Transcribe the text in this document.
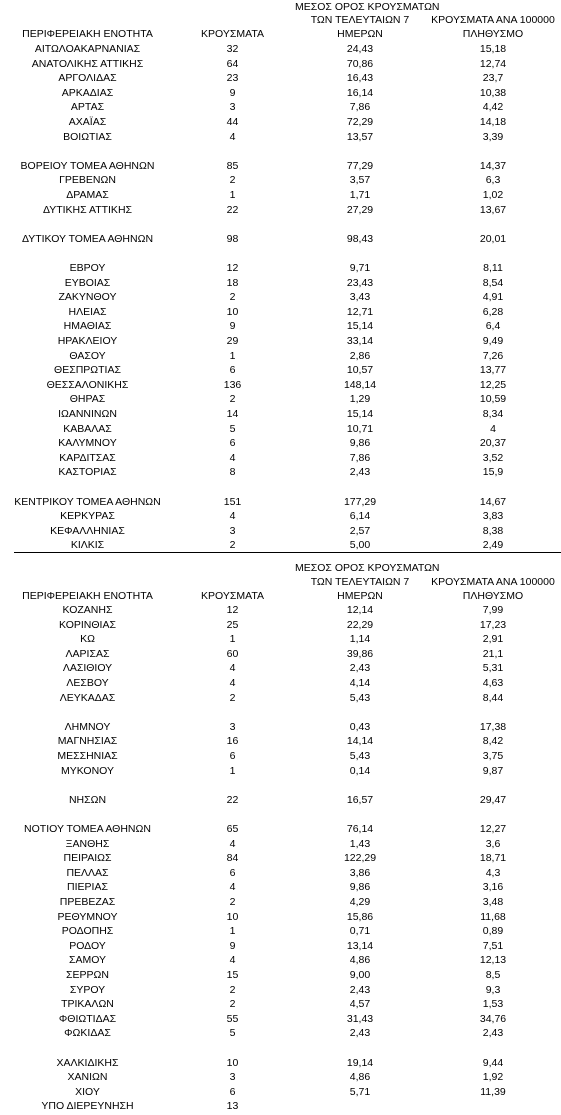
ΜΕΣΟΣ ΟΡΟΣ ΚΡΟΥΣΜΑΤΩΝ
ΤΩΝ ΤΕΛΕΥΤΑΙΩΝ 7	ΚΡΟΥΣΜΑΤΑ ΑΝΑ 100000
ΠΕΡΙΦΕΡΕΙΑΚΗ ΕΝΟΤΗΤΑ	ΚΡΟΥΣΜΑΤΑ	ΗΜΕΡΩΝ	ΠΛΗΘΥΣΜΟ
ΑΙΤΩΛΟΑΚΑΡΝΑΝΙΑΣ	32	24,43	15,18
ΑΝΑΤΟΛΙΚΗΣ ΑΤΤΙΚΗΣ	64	70,86	12,74
ΑΡΓΟΛΙΔΑΣ	23	16,43	23,7
ΑΡΚΑΔΙΑΣ	9	16,14	10,38
ΑΡΤΑΣ	3	7,86	4,42
ΑΧΑΪΑΣ	44	72,29	14,18
ΒΟΙΩΤΙΑΣ	4	13,57	3,39
ΒΟΡΕΙΟΥ ΤΟΜΕΑ ΑΘΗΝΩΝ	85	77,29	14,37
ΓΡΕΒΕΝΩΝ	2	3,57	6,3
ΔΡΑΜΑΣ	1	1,71	1,02
ΔΥΤΙΚΗΣ ΑΤΤΙΚΗΣ	22	27,29	13,67
ΔΥΤΙΚΟΥ ΤΟΜΕΑ ΑΘΗΝΩΝ	98	98,43	20,01
ΕΒΡΟΥ	12	9,71	8,11
ΕΥΒΟΙΑΣ	18	23,43	8,54
ΖΑΚΥΝΘΟΥ	2	3,43	4,91
ΗΛΕΙΑΣ	10	12,71	6,28
ΗΜΑΘΙΑΣ	9	15,14	6,4
ΗΡΑΚΛΕΙΟΥ	29	33,14	9,49
ΘΑΣΟΥ	1	2,86	7,26
ΘΕΣΠΡΩΤΙΑΣ	6	10,57	13,77
ΘΕΣΣΑΛΟΝΙΚΗΣ	136	148,14	12,25
ΘΗΡΑΣ	2	1,29	10,59
ΙΩΑΝΝΙΝΩΝ	14	15,14	8,34
ΚΑΒΑΛΑΣ	5	10,71	4
ΚΑΛΥΜΝΟΥ	6	9,86	20,37
ΚΑΡΔΙΤΣΑΣ	4	7,86	3,52
ΚΑΣΤΟΡΙΑΣ	8	2,43	15,9
ΚΕΝΤΡΙΚΟΥ ΤΟΜΕΑ ΑΘΗΝΩΝ	151	177,29	14,67
ΚΕΡΚΥΡΑΣ	4	6,14	3,83
ΚΕΦΑΛΛΗΝΙΑΣ	3	2,57	8,38
ΚΙΛΚΙΣ	2	5,00	2,49
ΜΕΣΟΣ ΟΡΟΣ ΚΡΟΥΣΜΑΤΩΝ
ΤΩΝ ΤΕΛΕΥΤΑΙΩΝ 7	ΚΡΟΥΣΜΑΤΑ ΑΝΑ 100000
ΠΕΡΙΦΕΡΕΙΑΚΗ ΕΝΟΤΗΤΑ	ΚΡΟΥΣΜΑΤΑ	ΗΜΕΡΩΝ	ΠΛΗΘΥΣΜΟ
ΚΟΖΑΝΗΣ	12	12,14	7,99
ΚΟΡΙΝΘΙΑΣ	25	22,29	17,23
ΚΩ	1	1,14	2,91
ΛΑΡΙΣΑΣ	60	39,86	21,1
ΛΑΣΙΘΙΟΥ	4	2,43	5,31
ΛΕΣΒΟΥ	4	4,14	4,63
ΛΕΥΚΑΔΑΣ	2	5,43	8,44
ΛΗΜΝΟΥ	3	0,43	17,38
ΜΑΓΝΗΣΙΑΣ	16	14,14	8,42
ΜΕΣΣΗΝΙΑΣ	6	5,43	3,75
ΜΥΚΟΝΟΥ	1	0,14	9,87
ΝΗΣΩΝ	22	16,57	29,47
ΝΟΤΙΟΥ ΤΟΜΕΑ ΑΘΗΝΩΝ	65	76,14	12,27
ΞΑΝΘΗΣ	4	1,43	3,6
ΠΕΙΡΑΙΩΣ	84	122,29	18,71
ΠΕΛΛΑΣ	6	3,86	4,3
ΠΙΕΡΙΑΣ	4	9,86	3,16
ΠΡΕΒΕΖΑΣ	2	4,29	3,48
ΡΕΘΥΜΝΟΥ	10	15,86	11,68
ΡΟΔΟΠΗΣ	1	0,71	0,89
ΡΟΔΟΥ	9	13,14	7,51
ΣΑΜΟΥ	4	4,86	12,13
ΣΕΡΡΩΝ	15	9,00	8,5
ΣΥΡΟΥ	2	2,43	9,3
ΤΡΙΚΑΛΩΝ	2	4,57	1,53
ΦΘΙΩΤΙΔΑΣ	55	31,43	34,76
ΦΩΚΙΔΑΣ	5	2,43	2,43
ΧΑΛΚΙΔΙΚΗΣ	10	19,14	9,44
ΧΑΝΙΩΝ	3	4,86	1,92
ΧΙΟΥ	6	5,71	11,39
ΥΠΟ ΔΙΕΡΕΥΝΗΣΗ	13
